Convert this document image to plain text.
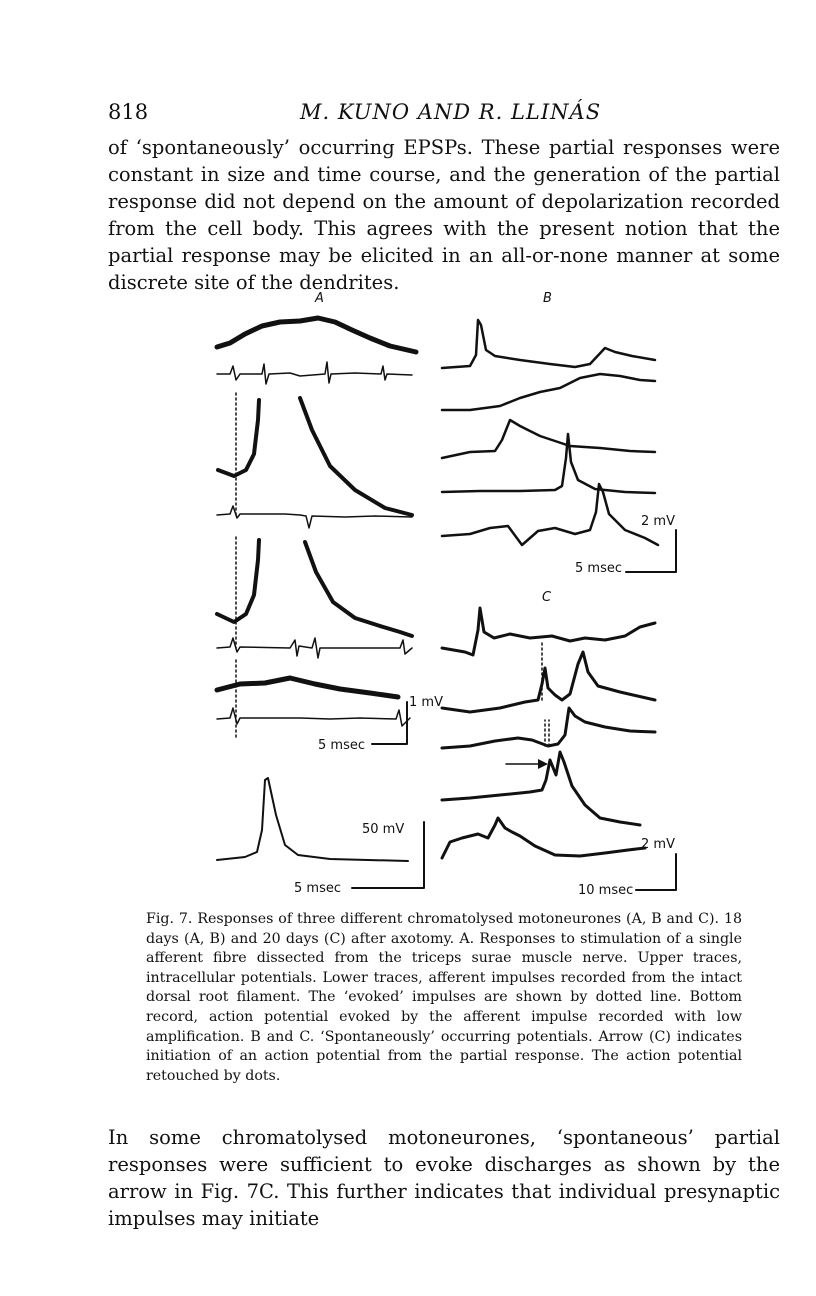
818	M. KUNO AND R. LLINÁS
of ‘spontaneously’ occurring EPSPs. These partial responses were constant in size and time course, and the generation of the partial response did not depend on the amount of depolarization recorded from the cell body. This agrees with the present notion that the partial response may be elicited in an all-or-none manner at some discrete site of the dendrites.
A	B
C
1 mV
5 msec
50 mV
5 msec
2 mV
5 msec
2 mV
10 msec
Fig. 7. Responses of three different chromatolysed motoneurones (A, B and C). 18 days (A, B) and 20 days (C) after axotomy. A. Responses to stimulation of a single afferent fibre dissected from the triceps surae muscle nerve. Upper traces, intracellular potentials. Lower traces, afferent impulses recorded from the intact dorsal root filament. The ‘evoked’ impulses are shown by dotted line. Bottom record, action potential evoked by the afferent impulse recorded with low amplification. B and C. ‘Spontaneously’ occurring potentials. Arrow (C) indicates initiation of an action potential from the partial response. The action potential retouched by dots.
In some chromatolysed motoneurones, ‘spontaneous’ partial responses were sufficient to evoke discharges as shown by the arrow in Fig. 7C. This further indicates that individual presynaptic impulses may initiate
